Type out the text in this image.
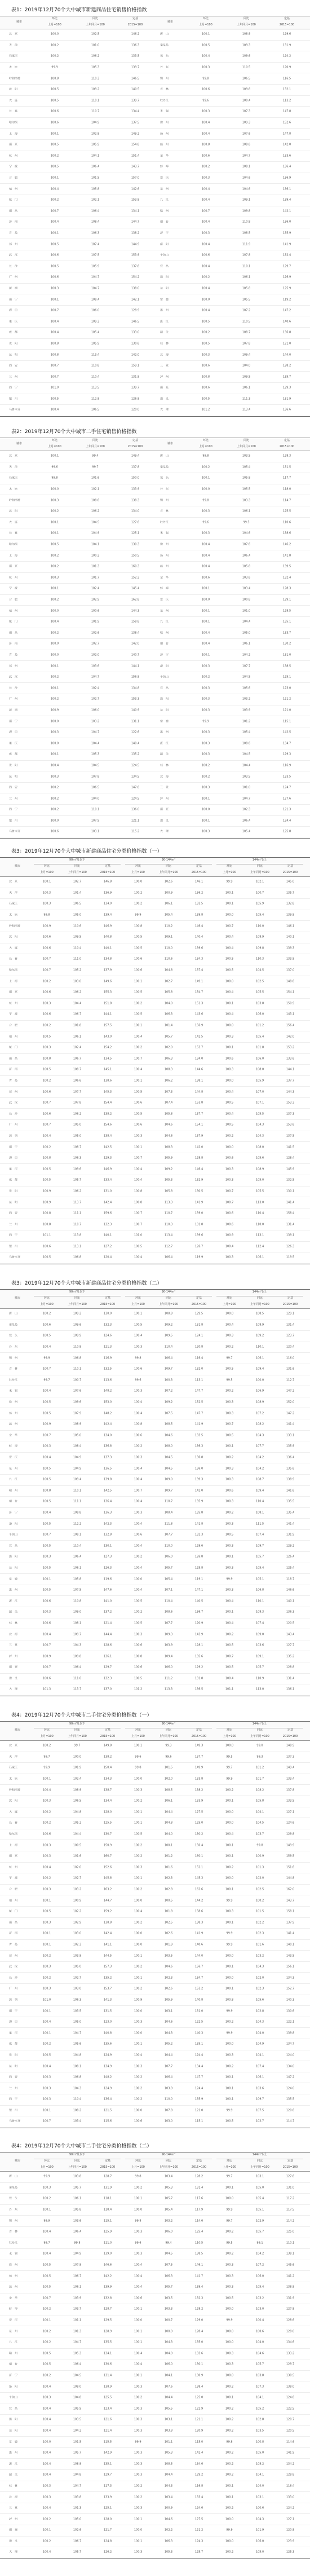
表1：2019年12月70个大中城市新建商品住宅销售价格指数
城市
环比	同比	定基
城市
环比	同比	定基
上月=100	上年同月=100	2015=100	上月=100	上年同月=100	2015=100
北　京	100.0	102.5	146.2	唐　山	100.1	108.9	129.6
天　津	100.2	101.0	136.3	秦皇岛	100.5	109.3	131.9
石家庄	100.2	106.2	133.5	包　头	100.4	109.6	124.2
太　原	99.9	105.3	139.7	丹　东	100.3	110.5	120.9
呼和浩特	100.8	110.3	146.5	锦　州	99.8	106.5	116.5
沈　阳	100.5	109.2	140.5	吉　林	100.6	109.8	132.1
大　连	100.5	110.1	139.7	牡丹江	99.6	100.4	113.2
长　春	100.6	110.7	134.4	无　锡	100.3	107.3	147.8
哈尔滨	100.6	104.9	137.5	徐　州	100.4	109.3	152.6
上　海	100.1	102.8	149.2	扬　州	100.4	107.6	147.8
南　京	100.5	105.9	154.8	温　州	100.8	108.6	142.0
杭　州	100.2	104.1	151.4	金　华	100.6	104.7	133.6
宁　波	100.5	106.4	143.7	蚌　埠	100.2	108.1	136.4
合　肥	100.1	101.5	157.0	安　庆	100.3	104.6	136.9
福　州	100.4	105.8	142.6	泉　州	100.4	104.6	136.1
厦　门	100.2	102.1	153.8	九　江	100.4	109.1	139.4
南　昌	100.7	106.4	134.1	赣　州	100.7	109.8	142.1
济　南	100.4	108.4	144.7	烟　台	100.4	110.8	136.0
青　岛	100.1	106.3	138.2	济　宁	100.3	108.5	135.9
郑　州	100.5	107.4	144.9	洛　阳	100.4	111.9	141.9
武　汉	100.6	107.5	153.9	平顶山	100.6	107.8	132.4
长　沙	100.5	105.9	137.8	宜　昌	100.4	110.1	129.7
广　州	100.6	104.7	154.2	襄　阳	100.2	106.1	126.9
深　圳	100.3	104.7	138.0	岳　阳	100.4	105.8	125.9
南　宁	100.1	108.4	142.1	常　德	100.0	105.5	119.2
海　口	100.7	106.0	128.9	惠　州	100.4	107.2	147.2
重　庆	100.4	109.3	146.5	湛　江	100.5	110.5	140.6
成　都	100.4	105.4	133.0	韶　关	100.2	108.7	136.8
贵　阳	100.8	105.9	130.6	桂　林	100.5	107.8	121.0
昆　明	100.8	113.4	142.0	北　海	100.3	109.4	144.0
西　安	100.7	110.8	159.1	三　亚	100.6	104.0	128.2
兰　州	100.7	110.4	131.9	泸　州	100.8	109.5	135.7
西　宁	101.0	113.5	139.7	南　充	100.6	106.1	129.3
银　川	100.5	112.8	126.8	遵　义	100.5	111.3	131.9
乌鲁木齐	100.4	106.5	120.0	大　理	101.2	113.4	136.6
表2：2019年12月70个大中城市二手住宅销售价格指数
城市
环比	同比	定基
城市
环比	同比	定基
上月=100	上年同月=100	2015=100	上月=100	上年同月=100	2015=100
北　京	100.1	99.4	149.4	唐　山	99.8	103.5	128.3
天　津	99.6	99.7	137.8	秦皇岛	100.2	105.4	131.5
石家庄	99.8	101.6	150.0	包　头	100.1	105.8	117.7
太　原	100.0	102.1	133.9	丹　东	100.0	105.5	118.0
呼和浩特	100.3	108.6	138.3	锦　州	99.8	103.3	114.7
沈　阳	100.2	106.2	134.0	吉　林	100.3	106.1	125.5
大　连	100.1	104.5	127.6	牡丹江	99.6	99.5	110.6
长　春	100.1	104.9	125.1	无　锡	100.3	104.6	138.6
哈尔滨	100.5	104.1	130.3	徐　州	100.4	107.6	146.2
上　海	100.2	100.2	150.5	扬　州	100.4	106.4	141.8
南　京	100.2	101.3	160.3	温　州	100.4	105.8	139.5
杭　州	100.3	101.7	152.2	金　华	100.6	103.6	132.4
宁　波	100.1	102.4	145.4	蚌　埠	100.1	103.4	128.3
合　肥	100.2	102.9	162.8	安　庆	100.0	100.8	129.1
福　州	100.0	100.6	144.3	泉　州	100.1	101.0	128.5
厦　门	100.4	101.9	158.8	九　江	100.1	104.4	135.1
南　昌	100.2	102.6	138.4	赣　州	100.4	105.0	133.7
济　南	100.0	102.7	142.0	烟　台	100.4	106.1	130.2
青　岛	100.0	102.0	140.7	济　宁	100.1	104.2	131.0
郑　州	100.1	103.6	144.1	洛　阳	100.3	107.7	138.5
武　汉	100.2	104.7	156.9	平顶山	100.2	104.5	125.1
长　沙	100.1	102.4	134.8	宜　昌	100.3	105.6	123.0
广　州	100.2	102.7	153.3	襄　阳	100.3	103.2	121.2
深　圳	100.9	106.0	140.9	岳　阳	100.3	103.9	121.0
南　宁	100.0	103.2	131.1	常　德	99.9	101.2	115.1
海　口	100.3	104.7	122.6	惠　州	100.3	105.4	142.5
重　庆	100.0	104.4	140.4	湛　江	100.3	108.6	134.7
成　都	100.1	105.3	135.2	韶　关	100.3	104.5	129.3
贵　阳	100.4	104.5	124.5	桂　林	100.2	104.4	116.9
昆　明	100.3	107.8	134.5	北　海	100.2	103.5	133.5
西　安	100.2	106.5	147.8	三　亚	100.3	101.0	124.7
兰　州	100.2	104.0	124.5	泸　州	100.1	104.7	127.6
西　宁	100.2	110.1	136.0	南　充	100.0	102.3	121.3
银　川	100.0	107.9	121.1	遵　义	100.1	106.4	124.4
乌鲁木齐	100.6	103.1	115.2	大　理	100.3	105.4	125.8
表3：2019年12月70个大中城市新建商品住宅分类价格指数（一）
城市
90m²及以下	90-144m²	144m²以上
环比	同比	定基	环比	同比	定基	环比	同比	定基
上月=100	上年同月=100	2015=100	上月=100	上年同月=100	2015=100	上月=100	上年同月=100	2015=100
北　京	100.1	102.7	146.8	100.0	102.6	146.1	99.9	102.1	145.0
天　津	100.3	101.4	136.9	100.2	100.9	136.2	100.1	100.7	135.7
石家庄	100.3	106.5	134.0	100.2	106.1	133.5	100.1	105.9	132.8
太　原	99.8	105.0	139.4	99.9	105.4	139.8	100.0	105.4	139.9
呼和浩特	100.9	110.6	146.9	100.8	110.2	146.4	100.7	110.0	146.1
沈　阳	100.6	109.5	140.8	100.5	109.1	140.4	100.4	108.9	140.1
大　连	100.6	110.4	140.1	100.5	110.0	139.6	100.4	109.8	139.3
长　春	100.7	111.0	134.8	100.6	110.6	134.3	100.5	110.3	133.9
哈尔滨	100.7	105.2	137.9	100.6	104.8	137.4	100.5	104.5	137.0
上　海	100.2	103.0	149.6	100.1	102.7	149.1	100.0	102.5	148.6
南　京	100.6	106.2	155.3	100.5	105.8	154.7	100.4	105.5	154.1
杭　州	100.3	104.4	151.8	100.2	104.0	151.3	100.1	103.8	150.9
宁　波	100.6	106.7	144.1	100.5	106.3	143.6	100.4	106.0	143.1
合　肥	100.2	101.8	157.5	100.1	101.4	156.9	100.0	101.2	156.4
福　州	100.5	106.1	143.0	100.4	105.7	142.5	100.3	105.4	142.0
厦　门	100.3	102.4	154.2	100.2	102.0	153.7	100.1	101.8	153.2
南　昌	100.8	106.7	134.5	100.7	106.3	134.0	100.6	106.0	133.6
济　南	100.5	108.7	145.1	100.4	108.3	144.6	100.3	108.0	144.1
青　岛	100.2	106.6	138.6	100.1	106.2	138.1	100.0	105.9	137.7
郑　州	100.6	107.7	145.3	100.5	107.3	144.8	100.4	107.0	144.3
武　汉	100.7	107.8	154.4	100.6	107.4	153.8	100.5	107.1	153.3
长　沙	100.6	106.2	138.2	100.5	105.8	137.7	100.4	105.5	137.3
广　州	100.7	105.0	154.6	100.6	104.6	154.1	100.5	104.3	153.6
深　圳	100.4	105.0	138.4	100.3	104.6	137.9	100.2	104.3	137.5
南　宁	100.2	108.7	142.5	100.1	108.3	142.0	100.0	108.0	141.5
海　口	100.8	106.3	129.3	100.7	105.9	128.8	100.6	105.6	128.4
重　庆	100.5	109.6	146.9	100.4	109.2	146.4	100.3	108.9	145.9
成　都	100.5	105.7	133.4	100.4	105.3	132.9	100.3	105.0	132.5
贵　阳	100.9	106.2	131.0	100.8	105.8	130.5	100.7	105.5	130.1
昆　明	100.9	113.7	142.4	100.8	113.3	141.9	100.7	113.0	141.4
西　安	100.8	111.1	159.6	100.7	110.7	159.0	100.6	110.4	158.4
兰　州	100.8	110.7	132.3	100.7	110.3	131.8	100.6	110.0	131.4
西　宁	101.1	113.8	140.1	101.0	113.4	139.6	100.9	113.1	139.1
银　川	100.6	113.1	127.2	100.5	112.7	126.7	100.4	112.4	126.3
乌鲁木齐	100.5	106.8	120.4	100.4	106.4	119.9	100.3	106.1	119.5
表3：2019年12月70个大中城市新建商品住宅分类价格指数（二）
城市
90m²及以下	90-144m²	144m²以上
环比	同比	定基	环比	同比	定基	环比	同比	定基
上月=100	上年同月=100	2015=100	上月=100	上年同月=100	2015=100	上月=100	上年同月=100	2015=100
唐　山	100.2	109.2	130.0	100.1	108.8	129.5	100.0	108.5	129.1
秦皇岛	100.6	109.6	132.3	100.5	109.2	131.8	100.4	108.9	131.4
包　头	100.5	109.9	124.6	100.4	109.5	124.1	100.3	109.2	123.7
丹　东	100.4	110.8	121.3	100.3	110.4	120.8	100.2	110.1	120.4
锦　州	99.9	106.8	116.9	99.8	106.4	116.4	99.7	106.1	116.0
吉　林	100.7	110.1	132.5	100.6	109.7	132.0	100.5	109.4	131.6
牡丹江	99.7	100.7	113.6	99.6	100.3	113.1	99.5	100.0	112.7
无　锡	100.4	107.6	148.2	100.3	107.2	147.7	100.2	106.9	147.2
徐　州	100.5	109.6	153.0	100.4	109.2	152.5	100.3	108.9	152.0
扬　州	100.5	107.9	148.2	100.4	107.5	147.7	100.3	107.2	147.2
温　州	100.9	108.9	142.4	100.8	108.5	141.9	100.7	108.2	141.4
金　华	100.7	105.0	134.0	100.6	104.6	133.5	100.5	104.3	133.1
蚌　埠	100.3	108.4	136.8	100.2	108.0	136.3	100.1	107.7	135.9
安　庆	100.4	104.9	137.3	100.3	104.5	136.8	100.2	104.2	136.4
泉　州	100.5	104.9	136.5	100.4	104.5	136.0	100.3	104.2	135.6
九　江	100.5	109.4	139.8	100.4	109.0	139.3	100.3	108.7	138.9
赣　州	100.8	110.1	142.5	100.7	109.7	142.0	100.6	109.4	141.6
烟　台	100.5	111.1	136.4	100.4	110.7	135.9	100.3	110.4	135.5
济　宁	100.4	108.8	136.3	100.3	108.4	135.8	100.2	108.1	135.4
洛　阳	100.5	112.2	142.3	100.4	111.8	141.8	100.3	111.5	141.4
平顶山	100.7	108.1	132.8	100.6	107.7	132.3	100.5	107.4	131.9
宜　昌	100.5	110.4	130.1	100.4	110.0	129.6	100.3	109.7	129.2
襄　阳	100.3	106.4	127.3	100.2	106.0	126.8	100.1	105.7	126.4
岳　阳	100.5	106.1	126.3	100.4	105.7	125.8	100.3	105.4	125.4
常　德	100.1	105.8	119.6	100.0	105.4	119.1	99.9	105.1	118.7
惠　州	100.5	107.5	147.6	100.4	107.1	147.1	100.3	106.8	146.6
湛　江	100.6	110.8	141.0	100.5	110.4	140.5	100.4	110.1	140.1
韶　关	100.3	109.0	137.2	100.2	108.6	136.7	100.1	108.3	136.3
桂　林	100.6	108.1	121.4	100.5	107.7	120.9	100.4	107.4	120.5
北　海	100.4	109.7	144.4	100.3	109.3	143.9	100.2	109.0	143.4
三　亚	100.7	104.3	128.6	100.6	103.9	128.1	100.5	103.6	127.7
泸　州	100.9	109.8	136.1	100.8	109.4	135.6	100.7	109.1	135.2
南　充	100.7	106.4	129.7	100.6	106.0	129.2	100.5	105.7	128.8
遵　义	100.6	111.6	132.3	100.5	111.2	131.8	100.4	110.9	131.4
大　理	101.3	113.7	137.0	101.2	113.3	136.5	101.1	113.0	136.1
表4：2019年12月70个大中城市二手住宅分类价格指数（一）
城市
90m²及以下	90-144m²	144m²以上
环比	同比	定基	环比	同比	定基	环比	同比	定基
上月=100	上年同月=100	2015=100	上月=100	上年同月=100	2015=100	上月=100	上年同月=100	2015=100
北　京	100.2	99.7	149.8	100.1	99.3	149.3	100.0	99.0	148.9
天　津	99.7	100.0	138.2	99.6	99.6	137.7	99.5	99.3	137.3
石家庄	99.9	101.9	150.4	99.8	101.5	149.9	99.7	101.2	149.4
太　原	100.1	102.4	134.3	100.0	102.0	133.8	99.9	101.7	133.4
呼和浩特	100.4	108.9	138.7	100.3	108.5	138.2	100.2	108.2	137.8
沈　阳	100.3	106.5	134.4	100.2	106.1	133.9	100.1	105.8	133.5
大　连	100.2	104.8	128.0	100.1	104.4	127.5	100.0	104.1	127.1
长　春	100.2	105.2	125.5	100.1	104.8	125.0	100.0	104.5	124.6
哈尔滨	100.6	104.4	130.7	100.5	104.0	130.2	100.4	103.7	129.8
上　海	100.3	100.5	150.9	100.2	100.1	150.4	100.1	99.8	149.9
南　京	100.3	101.6	160.7	100.2	101.2	160.1	100.1	100.9	159.5
杭　州	100.4	102.0	152.6	100.3	101.6	152.1	100.2	101.3	151.6
宁　波	100.2	102.7	145.8	100.1	102.3	145.3	100.0	102.0	144.8
合　肥	100.3	103.2	163.2	100.2	102.8	162.6	100.1	102.5	162.0
福　州	100.1	100.9	144.7	100.0	100.5	144.2	99.9	100.2	143.7
厦　门	100.5	102.2	159.2	100.4	101.8	158.6	100.3	101.5	158.1
南　昌	100.3	102.9	138.8	100.2	102.5	138.3	100.1	102.2	137.9
济　南	100.1	103.0	142.4	100.0	102.6	141.9	99.9	102.3	141.4
青　岛	100.1	102.3	141.1	100.0	101.9	140.6	99.9	101.6	140.1
郑　州	100.2	103.9	144.5	100.1	103.5	144.0	100.0	103.2	143.5
武　汉	100.3	105.0	157.3	100.2	104.6	156.7	100.1	104.3	156.1
长　沙	100.2	102.7	135.2	100.1	102.3	134.7	100.0	102.0	134.3
广　州	100.3	103.0	153.7	100.2	102.6	153.2	100.1	102.3	152.7
深　圳	101.0	106.3	141.3	100.9	105.9	140.8	100.8	105.6	140.3
南　宁	100.1	103.5	131.5	100.0	103.1	131.0	99.9	102.8	130.6
海　口	100.4	105.0	123.0	100.3	104.6	122.5	100.2	104.3	122.1
重　庆	100.1	104.7	140.8	100.0	104.3	140.3	99.9	104.0	139.8
成　都	100.2	105.6	135.6	100.1	105.2	135.1	100.0	104.9	134.7
贵　阳	100.5	104.8	124.9	100.4	104.4	124.4	100.3	104.1	124.0
昆　明	100.4	108.1	134.9	100.3	107.7	134.4	100.2	107.4	134.0
西　安	100.3	106.8	148.2	100.2	106.4	147.7	100.1	106.1	147.2
兰　州	100.3	104.3	124.9	100.2	103.9	124.4	100.1	103.6	124.0
西　宁	100.3	110.4	136.4	100.2	110.0	135.9	100.1	109.7	135.5
银　川	100.1	108.2	121.5	100.0	107.8	121.0	99.9	107.5	120.6
乌鲁木齐	100.7	103.4	115.6	100.6	103.0	115.1	100.5	102.7	114.7
表4：2019年12月70个大中城市二手住宅分类价格指数（二）
城市
90m²及以下	90-144m²	144m²以上
环比	同比	定基	环比	同比	定基	环比	同比	定基
上月=100	上年同月=100	2015=100	上月=100	上年同月=100	2015=100	上月=100	上年同月=100	2015=100
唐　山	99.9	103.8	128.7	99.8	103.4	128.2	99.7	103.1	127.8
秦皇岛	100.3	105.7	131.9	100.2	105.3	131.4	100.1	105.0	131.0
包　头	100.2	106.1	118.1	100.1	105.7	117.6	100.0	105.4	117.2
丹　东	100.1	105.8	118.4	100.0	105.4	117.9	99.9	105.1	117.5
锦　州	99.9	103.6	115.1	99.8	103.2	114.6	99.7	102.9	114.2
吉　林	100.4	106.4	125.9	100.3	106.0	125.4	100.2	105.7	125.0
牡丹江	99.7	99.8	111.0	99.6	99.4	110.5	99.5	99.1	110.1
无　锡	100.4	104.9	139.0	100.3	104.5	138.5	100.2	104.2	138.1
徐　州	100.5	107.9	146.6	100.4	107.5	146.1	100.3	107.2	145.6
扬　州	100.5	106.7	142.2	100.4	106.3	141.7	100.3	106.0	141.2
温　州	100.5	106.1	139.9	100.4	105.7	139.4	100.3	105.4	138.9
金　华	100.7	103.9	132.8	100.6	103.5	132.3	100.5	103.2	131.9
蚌　埠	100.2	103.7	128.7	100.1	103.3	128.2	100.0	103.0	127.8
安　庆	100.1	101.1	129.5	100.0	100.7	129.0	99.9	100.4	128.6
泉　州	100.2	101.3	128.9	100.1	100.9	128.4	100.0	100.6	128.0
九　江	100.2	104.7	135.5	100.1	104.3	135.0	100.0	104.0	134.6
赣　州	100.5	105.3	134.1	100.4	104.9	133.6	100.3	104.6	133.2
烟　台	100.5	106.4	130.6	100.4	106.0	130.1	100.3	105.7	129.7
济　宁	100.2	104.5	131.4	100.1	104.1	130.9	100.0	103.8	130.5
洛　阳	100.4	108.0	138.9	100.3	107.6	138.4	100.2	107.3	138.0
平顶山	100.3	104.8	125.5	100.2	104.4	125.0	100.1	104.1	124.6
宜　昌	100.4	105.9	123.4	100.3	105.5	122.9	100.2	105.2	122.5
襄　阳	100.4	103.5	121.6	100.3	103.1	121.1	100.2	102.8	120.7
岳　阳	100.4	104.2	121.4	100.3	103.8	120.9	100.2	103.5	120.5
常　德	100.0	101.5	115.5	99.9	101.1	115.0	99.8	100.8	114.6
惠　州	100.4	105.7	142.9	100.3	105.3	142.4	100.2	105.0	141.9
湛　江	100.4	108.9	135.1	100.3	108.5	134.6	100.2	108.2	134.2
韶　关	100.4	104.8	129.7	100.3	104.4	129.2	100.2	104.1	128.8
桂　林	100.3	104.7	117.3	100.2	104.3	116.8	100.1	104.0	116.4
北　海	100.3	103.8	133.9	100.2	103.4	133.4	100.1	103.1	133.0
三　亚	100.4	101.3	125.1	100.3	100.9	124.6	100.2	100.6	124.2
泸　州	100.2	105.0	128.0	100.1	104.6	127.5	100.0	104.3	127.1
南　充	100.1	102.6	121.7	100.0	102.2	121.2	99.9	101.9	120.8
遵　义	100.2	106.7	124.8	100.1	106.3	124.3	100.0	106.0	123.9
大　理	100.4	105.7	126.2	100.3	105.3	125.7	100.2	105.0	125.3
